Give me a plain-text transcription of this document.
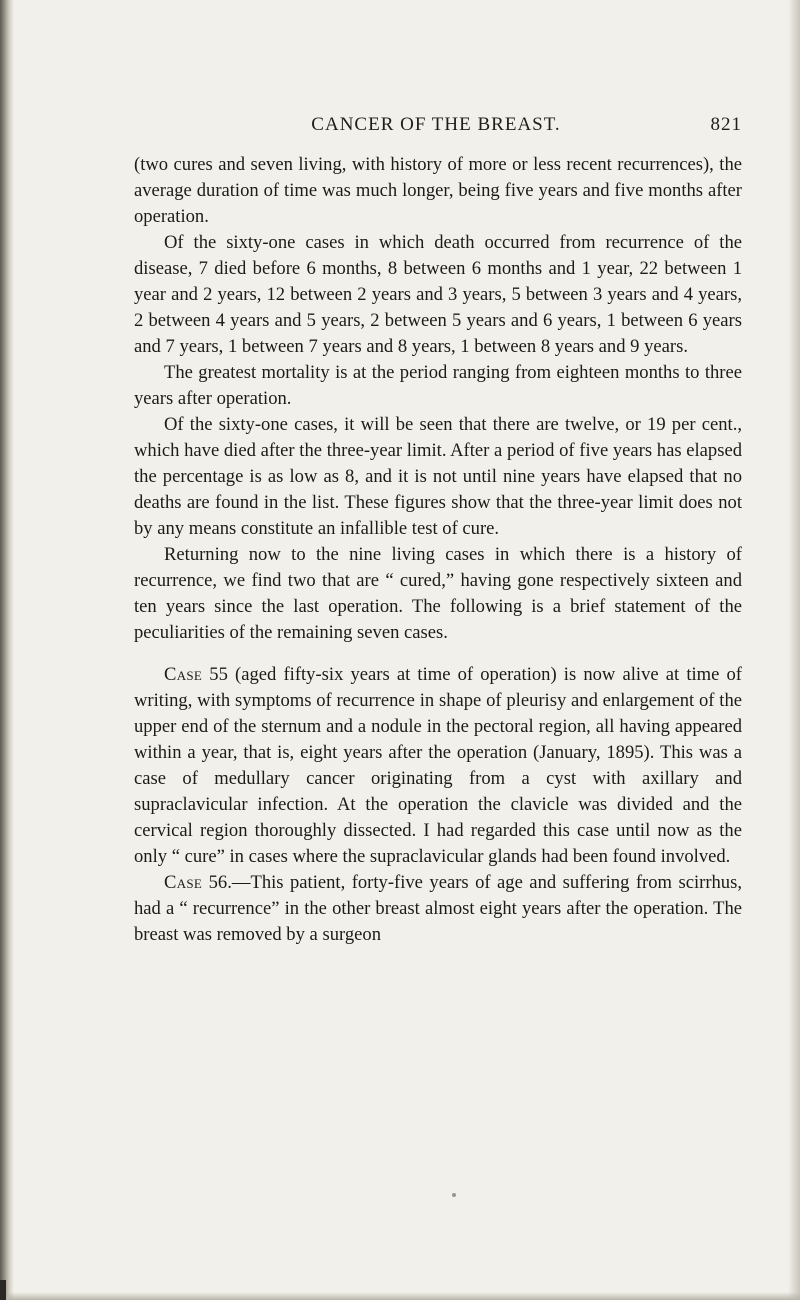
CANCER OF THE BREAST.	821

(two cures and seven living, with history of more or less recent recurrences), the average duration of time was much longer, being five years and five months after operation.

Of the sixty-one cases in which death occurred from recurrence of the disease, 7 died before 6 months, 8 between 6 months and 1 year, 22 between 1 year and 2 years, 12 between 2 years and 3 years, 5 between 3 years and 4 years, 2 between 4 years and 5 years, 2 between 5 years and 6 years, 1 between 6 years and 7 years, 1 between 7 years and 8 years, 1 between 8 years and 9 years.

The greatest mortality is at the period ranging from eighteen months to three years after operation.

Of the sixty-one cases, it will be seen that there are twelve, or 19 per cent., which have died after the three-year limit. After a period of five years has elapsed the percentage is as low as 8, and it is not until nine years have elapsed that no deaths are found in the list. These figures show that the three-year limit does not by any means constitute an infallible test of cure.

Returning now to the nine living cases in which there is a history of recurrence, we find two that are “ cured,” having gone respectively sixteen and ten years since the last operation. The following is a brief statement of the peculiarities of the remaining seven cases.

Case 55 (aged fifty-six years at time of operation) is now alive at time of writing, with symptoms of recurrence in shape of pleurisy and enlargement of the upper end of the sternum and a nodule in the pectoral region, all having appeared within a year, that is, eight years after the operation (January, 1895). This was a case of medullary cancer originating from a cyst with axillary and supraclavicular infection. At the operation the clavicle was divided and the cervical region thoroughly dissected. I had regarded this case until now as the only “ cure” in cases where the supraclavicular glands had been found involved.

Case 56.—This patient, forty-five years of age and suffering from scirrhus, had a “ recurrence” in the other breast almost eight years after the operation. The breast was removed by a surgeon
